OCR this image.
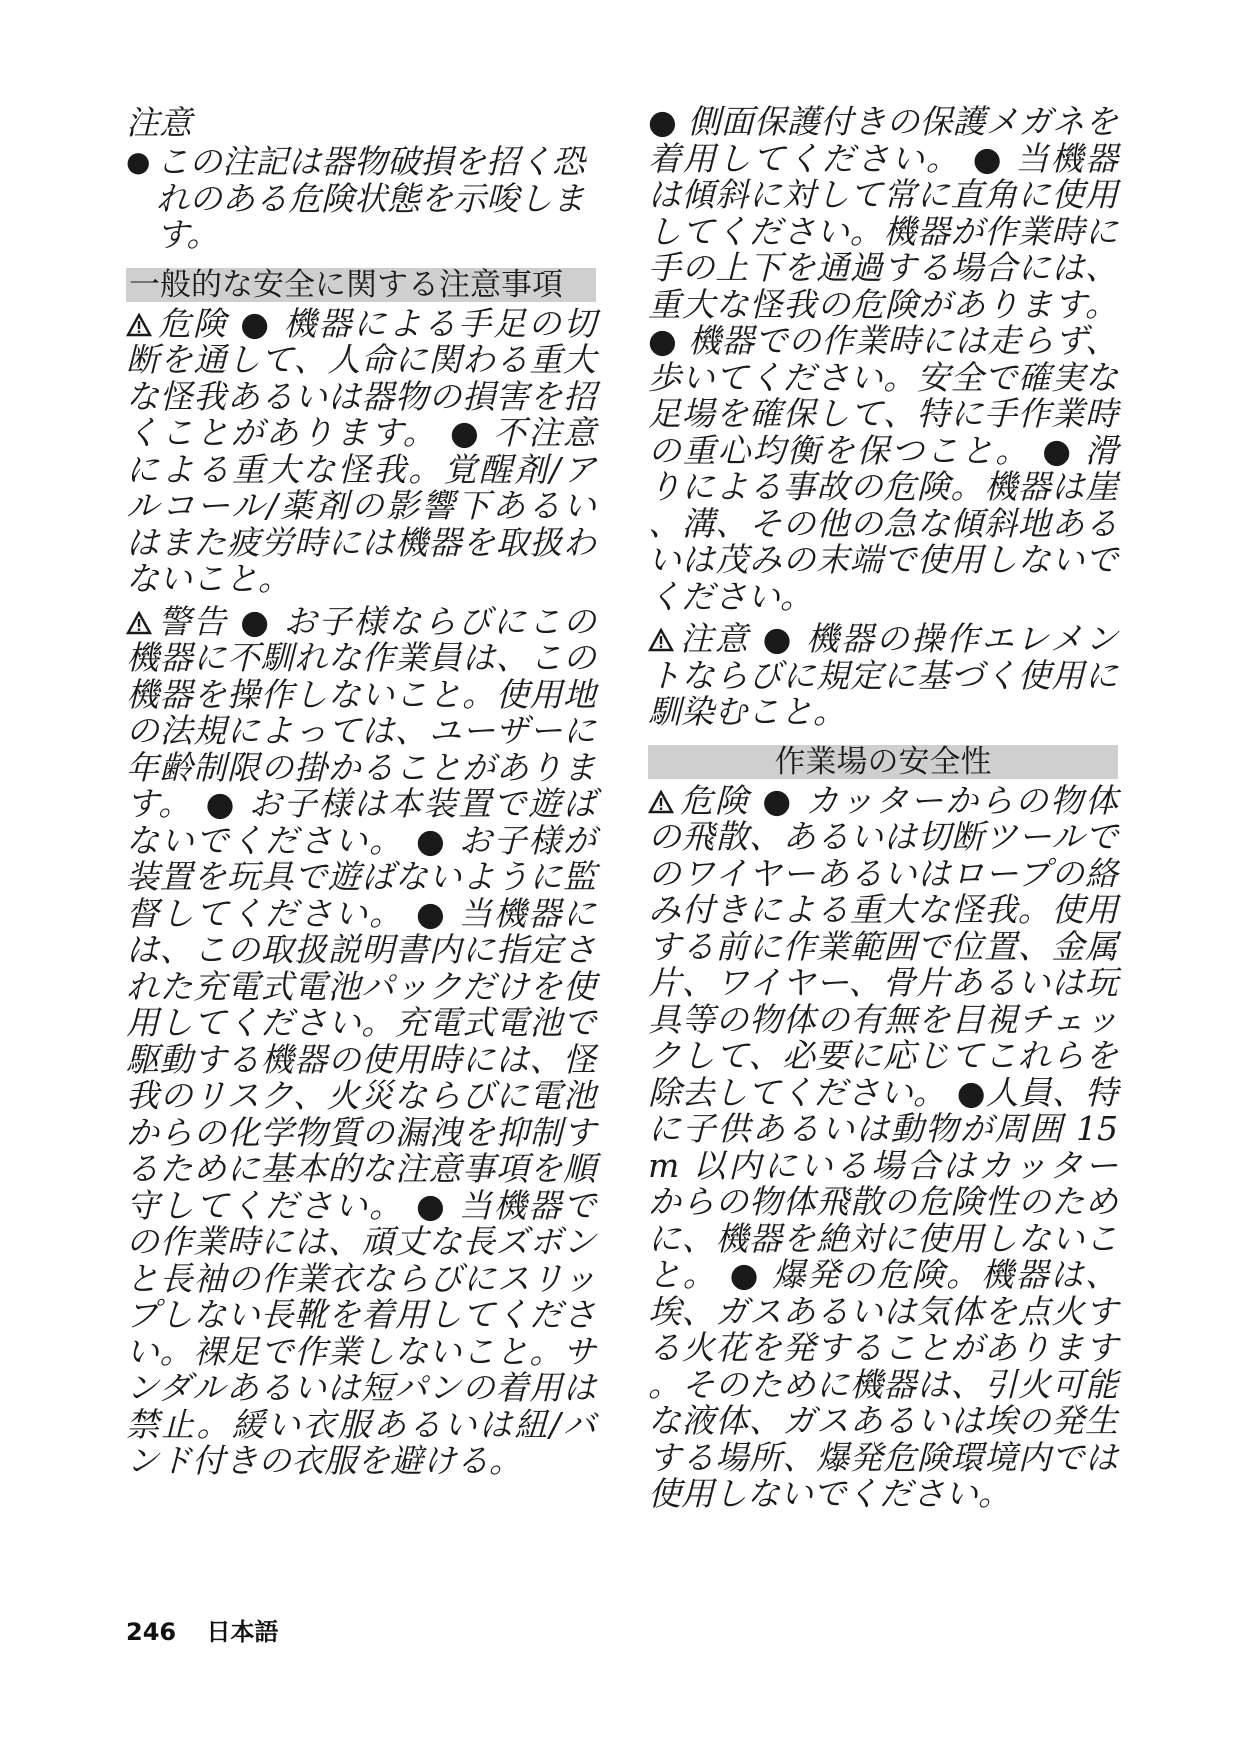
注意

● この注記は器物破損を招く恐れのある危険状態を示唆します。
一般的な安全に関する注意事項

危険 ● 機器による手足の切断を通して、人命に関わる重大な怪我あるいは器物の損害を招くことがあります。 ● 不注意による重大な怪我。覚醒剤/アルコール/薬剤の影響下あるいはまた疲労時には機器を取扱わないこと。

警告 ● お子様ならびにこの機器に不馴れな作業員は、この機器を操作しないこと。使用地の法規によっては、ユーザーに年齢制限の掛かることがあります。 ● お子様は本装置で遊ばないでください。 ● お子様が装置を玩具で遊ばないように監督してください。 ● 当機器には、この取扱説明書内に指定された充電式電池パックだけを使用してください。充電式電池で駆動する機器の使用時には、怪我のリスク、火災ならびに電池からの化学物質の漏洩を抑制するために基本的な注意事項を順守してください。 ● 当機器での作業時には、頑丈な長ズボンと長袖の作業衣ならびにスリップしない長靴を着用してください。裸足で作業しないこと。サンダルあるいは短パンの着用は禁止。緩い衣服あるいは紐/バンド付きの衣服を避ける。

● 側面保護付きの保護メガネを着用してください。 ● 当機器は傾斜に対して常に直角に使用してください。機器が作業時に手の上下を通過する場合には、重大な怪我の危険があります。 ● 機器での作業時には走らず、歩いてください。安全で確実な足場を確保して、特に手作業時の重心均衡を保つこと。 ● 滑りによる事故の危険。機器は崖、溝、その他の急な傾斜地あるいは茂みの末端で使用しないでください。

注意 ● 機器の操作エレメントならびに規定に基づく使用に馴染むこと。

作業場の安全性

危険 ● カッターからの物体の飛散、あるいは切断ツールでのワイヤーあるいはロープの絡み付きによる重大な怪我。使用する前に作業範囲で位置、金属片、ワイヤー、骨片あるいは玩具等の物体の有無を目視チェックして、必要に応じてこれらを除去してください。 ●人員、特に子供あるいは動物が周囲 15 m 以内にいる場合はカッターからの物体飛散の危険性のために、機器を絶対に使用しないこと。 ● 爆発の危険。機器は、埃、ガスあるいは気体を点火する火花を発することがあります。そのために機器は、引火可能な液体、ガスあるいは埃の発生する場所、爆発危険環境内では使用しないでください。

246 日本語
